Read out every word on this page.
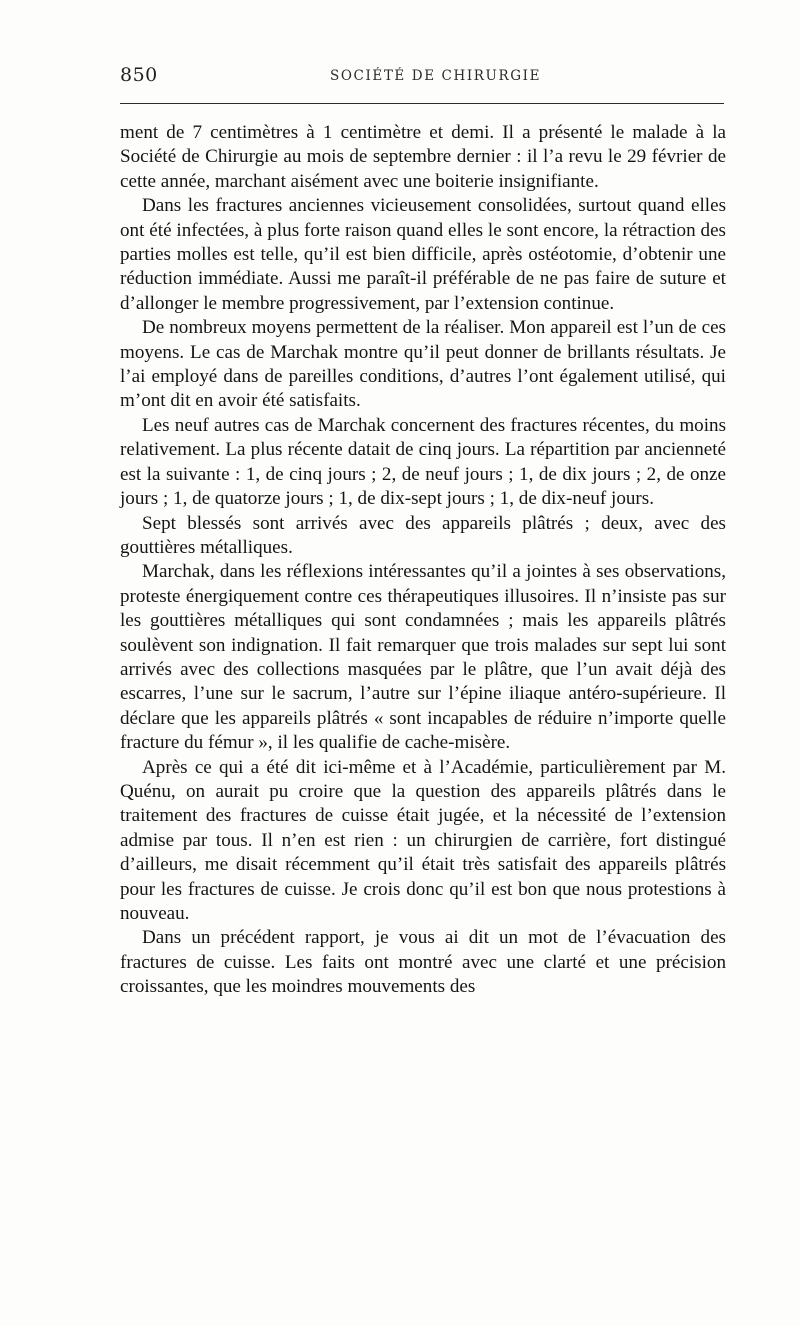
850	SOCIÉTÉ DE CHIRURGIE

ment de 7 centimètres à 1 centimètre et demi. Il a présenté le malade à la Société de Chirurgie au mois de septembre dernier : il l’a revu le 29 février de cette année, marchant aisément avec une boiterie insignifiante.

Dans les fractures anciennes vicieusement consolidées, surtout quand elles ont été infectées, à plus forte raison quand elles le sont encore, la rétraction des parties molles est telle, qu’il est bien difficile, après ostéotomie, d’obtenir une réduction immédiate. Aussi me paraît-il préférable de ne pas faire de suture et d’allonger le membre progressivement, par l’extension continue.

De nombreux moyens permettent de la réaliser. Mon appareil est l’un de ces moyens. Le cas de Marchak montre qu’il peut donner de brillants résultats. Je l’ai employé dans de pareilles conditions, d’autres l’ont également utilisé, qui m’ont dit en avoir été satisfaits.

Les neuf autres cas de Marchak concernent des fractures récentes, du moins relativement. La plus récente datait de cinq jours. La répartition par ancienneté est la suivante : 1, de cinq jours ; 2, de neuf jours ; 1, de dix jours ; 2, de onze jours ; 1, de quatorze jours ; 1, de dix-sept jours ; 1, de dix-neuf jours.

Sept blessés sont arrivés avec des appareils plâtrés ; deux, avec des gouttières métalliques.

Marchak, dans les réflexions intéressantes qu’il a jointes à ses observations, proteste énergiquement contre ces thérapeutiques illusoires. Il n’insiste pas sur les gouttières métalliques qui sont condamnées ; mais les appareils plâtrés soulèvent son indignation. Il fait remarquer que trois malades sur sept lui sont arrivés avec des collections masquées par le plâtre, que l’un avait déjà des escarres, l’une sur le sacrum, l’autre sur l’épine iliaque antéro-supérieure. Il déclare que les appareils plâtrés « sont incapables de réduire n’importe quelle fracture du fémur », il les qualifie de cache-misère.

Après ce qui a été dit ici-même et à l’Académie, particulièrement par M. Quénu, on aurait pu croire que la question des appareils plâtrés dans le traitement des fractures de cuisse était jugée, et la nécessité de l’extension admise par tous. Il n’en est rien : un chirurgien de carrière, fort distingué d’ailleurs, me disait récemment qu’il était très satisfait des appareils plâtrés pour les fractures de cuisse. Je crois donc qu’il est bon que nous protestions à nouveau.

Dans un précédent rapport, je vous ai dit un mot de l’évacuation des fractures de cuisse. Les faits ont montré avec une clarté et une précision croissantes, que les moindres mouvements des
